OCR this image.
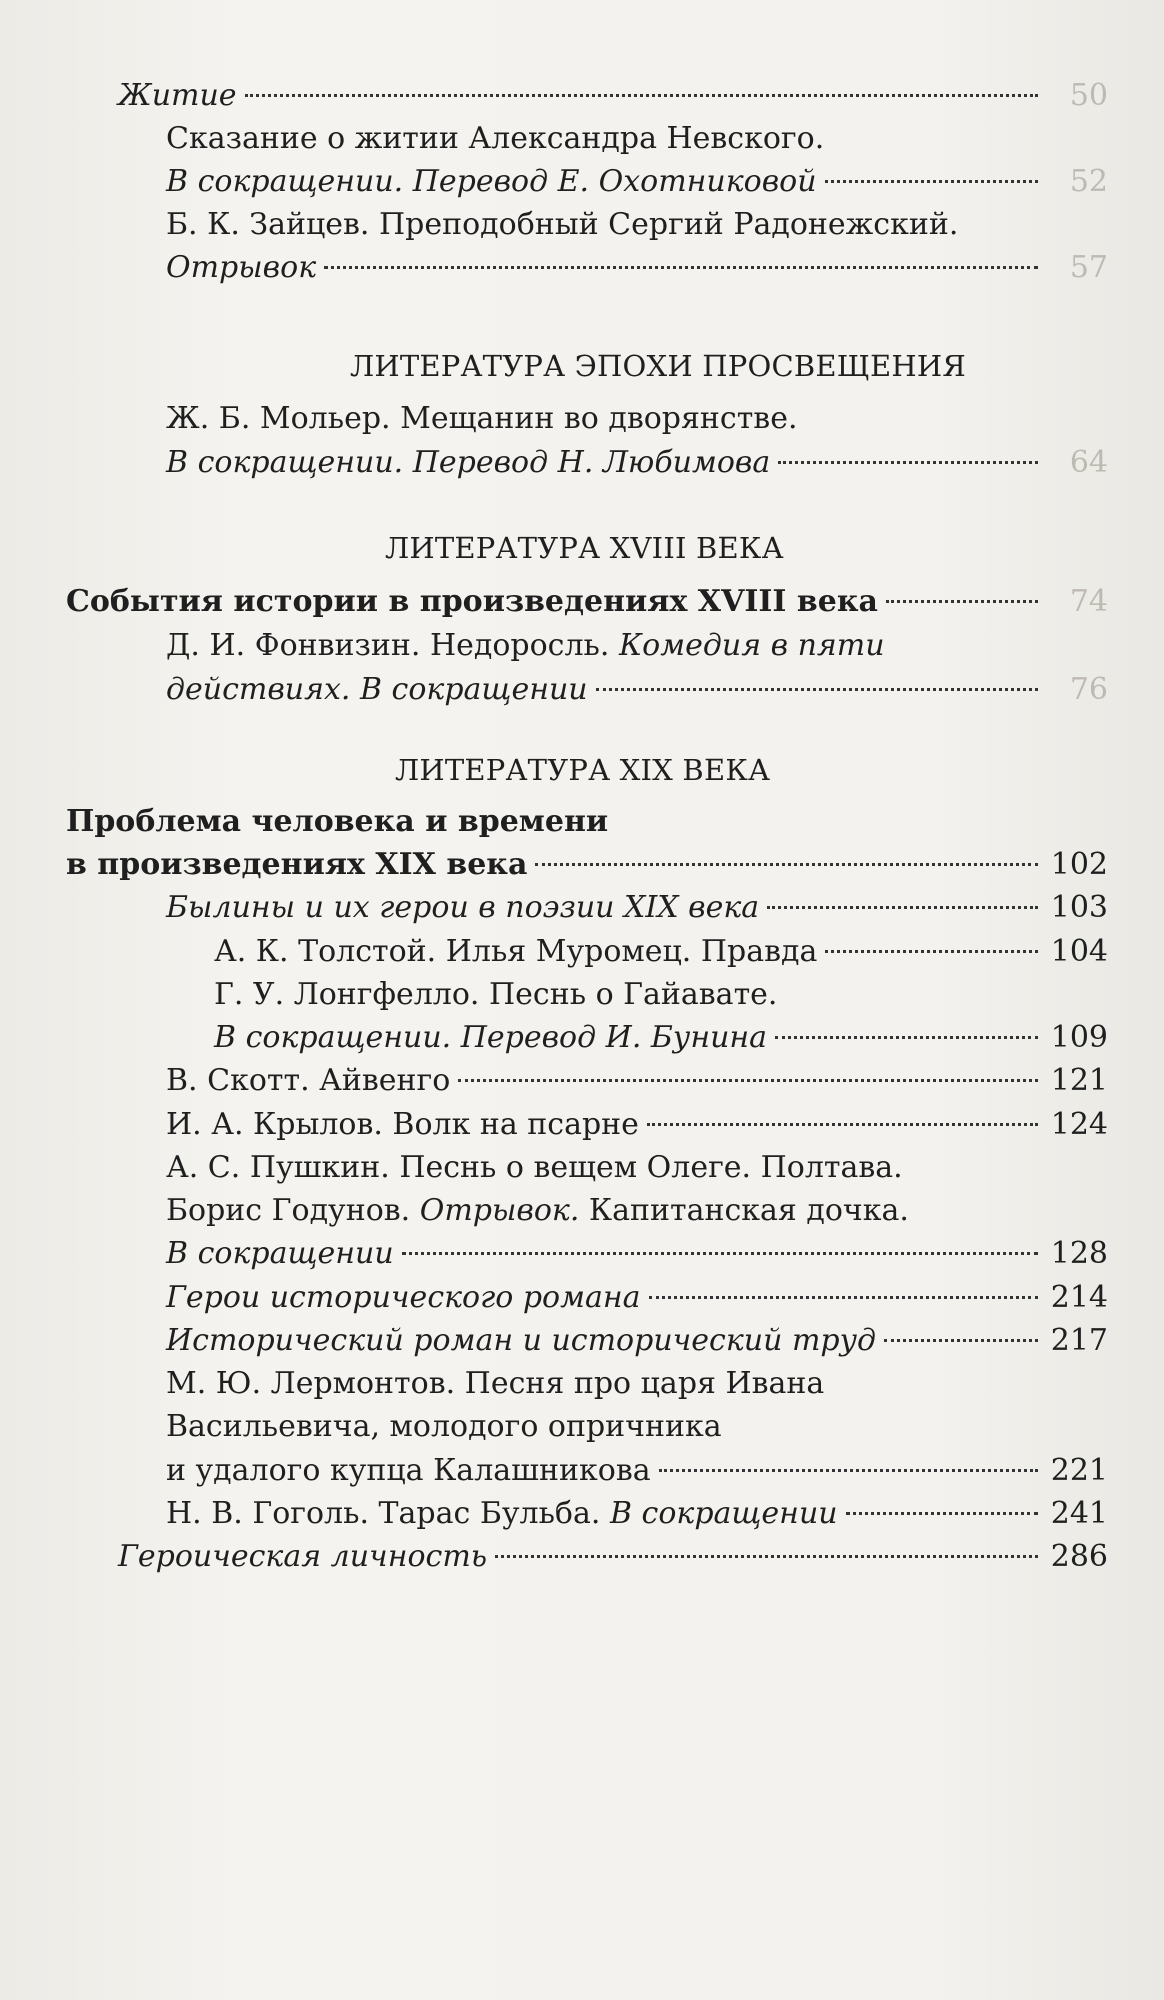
Житие	50
Сказание о житии Александра Невского.
В сокращении. Перевод Е. Охотниковой	52
Б. К. Зайцев. Преподобный Сергий Радонежский.
Отрывок	57
ЛИТЕРАТУРА ЭПОХИ ПРОСВЕЩЕНИЯ
Ж. Б. Мольер. Мещанин во дворянстве.
В сокращении. Перевод Н. Любимова	64
ЛИТЕРАТУРА XVIII ВЕКА
События истории в произведениях XVIII века	74
Д. И. Фонвизин. Недоросль. Комедия в пяти
действиях. В сокращении	76
ЛИТЕРАТУРА XIX ВЕКА
Проблема человека и времени
в произведениях XIX века	102
Былины и их герои в поэзии XIX века	103
А. К. Толстой. Илья Муромец. Правда	104
Г. У. Лонгфелло. Песнь о Гайавате.
В сокращении. Перевод И. Бунина	109
В. Скотт. Айвенго	121
И. А. Крылов. Волк на псарне	124
А. С. Пушкин. Песнь о вещем Олеге. Полтава.
Борис Годунов. Отрывок. Капитанская дочка.
В сокращении	128
Герои исторического романа	214
Исторический роман и исторический труд	217
М. Ю. Лермонтов. Песня про царя Ивана
Васильевича, молодого опричника
и удалого купца Калашникова	221
Н. В. Гоголь. Тарас Бульба. В сокращении	241
Героическая личность	286
